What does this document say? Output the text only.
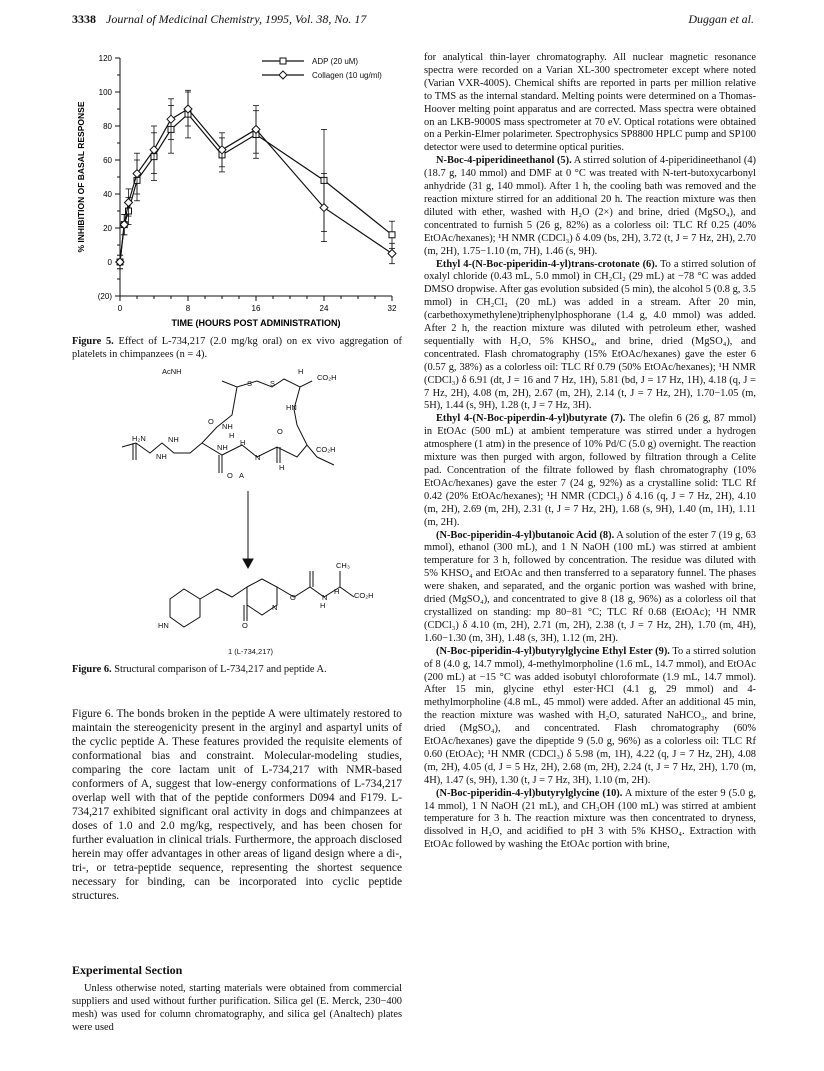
3338 Journal of Medicinal Chemistry, 1995, Vol. 38, No. 17	Duggan et al.
(20)
0
20
40
60
80
100
120
0	8	16	24	32
TIME (HOURS POST ADMINISTRATION)
% INHIBITION OF BASAL RESPONSE
ADP (20 uM)
Collagen (10 ug/ml)

Figure 5. Effect of L-734,217 (2.0 mg/kg oral) on ex vivo aggregation of platelets in chimpanzees (n = 4).

AcNH
S S
H
CO₂H
HN
O
NH
H
NH
H
O
H₂N	NH
NH
O
CO₂H
N
H
A
HN	O
N
O	N
H
CH₃
H CO₂H
1 (L-734,217)

Figure 6. Structural comparison of L-734,217 and peptide A.

Figure 6. The bonds broken in the peptide A were ultimately restored to maintain the stereogenicity present in the arginyl and aspartyl units of the cyclic peptide A. These features provided the requisite elements of conformational bias and constraint. Molecular-modeling studies, comparing the core lactam unit of L-734,217 with NMR-based conformers of A, suggest that low-energy conformations of L-734,217 overlap well with that of the peptide conformers D094 and F179. L-734,217 exhibited significant oral activity in dogs and chimpanzees at doses of 1.0 and 2.0 mg/kg, respectively, and has been chosen for further evaluation in clinical trials. Furthermore, the approach disclosed herein may offer advantages in other areas of ligand design where a di-, tri-, or tetra-peptide sequence, representing the shortest sequence necessary for binding, can be incorporated into cyclic peptide structures.

Experimental Section

Unless otherwise noted, starting materials were obtained from commercial suppliers and used without further purification. Silica gel (E. Merck, 230−400 mesh) was used for column chromatography, and silica gel (Analtech) plates were used

for analytical thin-layer chromatography. All nuclear magnetic resonance spectra were recorded on a Varian XL-300 spectrometer except where noted (Varian VXR-400S). Chemical shifts are reported in parts per million relative to TMS as the internal standard. Melting points were determined on a Thomas-Hoover melting point apparatus and are corrected. Mass spectra were obtained on an LKB-9000S mass spectrometer at 70 eV. Optical rotations were obtained on a Perkin-Elmer polarimeter. Spectrophysics SP8800 HPLC pump and SP100 detector were used to determine optical purities.

N-Boc-4-piperidineethanol (5). A stirred solution of 4-piperidineethanol (4) (18.7 g, 140 mmol) and DMF at 0 °C was treated with N-tert-butoxycarbonyl anhydride (31 g, 140 mmol). After 1 h, the cooling bath was removed and the reaction mixture stirred for an additional 20 h. The reaction mixture was then diluted with ether, washed with H₂O (2×) and brine, dried (MgSO₄), and concentrated to furnish 5 (26 g, 82%) as a colorless oil: TLC Rf 0.25 (40% EtOAc/hexanes); ¹H NMR (CDCl₃) δ 4.09 (bs, 2H), 3.72 (t, J = 7 Hz, 2H), 2.70 (m, 2H), 1.75−1.10 (m, 7H), 1.46 (s, 9H).

Ethyl 4-(N-Boc-piperidin-4-yl)trans-crotonate (6). To a stirred solution of oxalyl chloride (0.43 mL, 5.0 mmol) in CH₂Cl₂ (29 mL) at −78 °C was added DMSO dropwise. After gas evolution subsided (5 min), the alcohol 5 (0.8 g, 3.5 mmol) in CH₂Cl₂ (20 mL) was added in a stream. After 20 min, (carbethoxymethylene)triphenylphosphorane (1.4 g, 4.0 mmol) was added. After 2 h, the reaction mixture was diluted with petroleum ether, washed sequentially with H₂O, 5% KHSO₄, and brine, dried (MgSO₄), and concentrated. Flash chromatography (15% EtOAc/hexanes) gave the ester 6 (0.57 g, 38%) as a colorless oil: TLC Rf 0.79 (50% EtOAc/hexanes); ¹H NMR (CDCl₃) δ 6.91 (dt, J = 16 and 7 Hz, 1H), 5.81 (bd, J = 17 Hz, 1H), 4.18 (q, J = 7 Hz, 2H), 4.08 (m, 2H), 2.67 (m, 2H), 2.14 (t, J = 7 Hz, 2H), 1.70−1.05 (m, 5H), 1.44 (s, 9H), 1.28 (t, J = 7 Hz, 3H).

Ethyl 4-(N-Boc-piperdin-4-yl)butyrate (7). The olefin 6 (26 g, 87 mmol) in EtOAc (500 mL) at ambient temperature was stirred under a hydrogen atmosphere (1 atm) in the presence of 10% Pd/C (5.0 g) overnight. The reaction mixture was then purged with argon, followed by filtration through a Celite pad. Concentration of the filtrate followed by flash chromatography (10% EtOAc/hexanes) gave the ester 7 (24 g, 92%) as a crystalline solid: TLC Rf 0.42 (20% EtOAc/hexanes); ¹H NMR (CDCl₃) δ 4.16 (q, J = 7 Hz, 2H), 4.10 (m, 2H), 2.69 (m, 2H), 2.31 (t, J = 7 Hz, 2H), 1.68 (s, 9H), 1.40 (m, 1H), 1.11 (m, 2H).

(N-Boc-piperidin-4-yl)butanoic Acid (8). A solution of the ester 7 (19 g, 63 mmol), ethanol (300 mL), and 1 N NaOH (100 mL) was stirred at ambient temperature for 3 h, followed by concentration. The residue was diluted with 5% KHSO₄ and EtOAc and then transferred to a separatory funnel. The phases were shaken, and separated, and the organic portion was washed with brine, dried (MgSO₄), and concentrated to give 8 (18 g, 96%) as a colorless oil that crystallized on standing: mp 80−81 °C; TLC Rf 0.68 (EtOAc); ¹H NMR (CDCl₃) δ 4.10 (m, 2H), 2.71 (m, 2H), 2.38 (t, J = 7 Hz, 2H), 1.70 (m, 4H), 1.60−1.30 (m, 3H), 1.48 (s, 3H), 1.12 (m, 2H).

(N-Boc-piperidin-4-yl)butyrylglycine Ethyl Ester (9). To a stirred solution of 8 (4.0 g, 14.7 mmol), 4-methylmorpholine (1.6 mL, 14.7 mmol), and EtOAc (200 mL) at −15 °C was added isobutyl chloroformate (1.9 mL, 14.7 mmol). After 15 min, glycine ethyl ester·HCl (4.1 g, 29 mmol) and 4-methylmorpholine (4.8 mL, 45 mmol) were added. After an additional 45 min, the reaction mixture was washed with H₂O, saturated NaHCO₃, and brine, dried (MgSO₄), and concentrated. Flash chromatography (60% EtOAc/hexanes) gave the dipeptide 9 (5.0 g, 96%) as a colorless oil: TLC Rf 0.60 (EtOAc); ¹H NMR (CDCl₃) δ 5.98 (m, 1H), 4.22 (q, J = 7 Hz, 2H), 4.08 (m, 2H), 4.05 (d, J = 5 Hz, 2H), 2.68 (m, 2H), 2.24 (t, J = 7 Hz, 2H), 1.70 (m, 4H), 1.47 (s, 9H), 1.30 (t, J = 7 Hz, 3H), 1.10 (m, 2H).

(N-Boc-piperidin-4-yl)butyrylglycine (10). A mixture of the ester 9 (5.0 g, 14 mmol), 1 N NaOH (21 mL), and CH₃OH (100 mL) was stirred at ambient temperature for 3 h. The reaction mixture was then concentrated to dryness, dissolved in H₂O, and acidified to pH 3 with 5% KHSO₄. Extraction with EtOAc followed by washing the EtOAc portion with brine,
